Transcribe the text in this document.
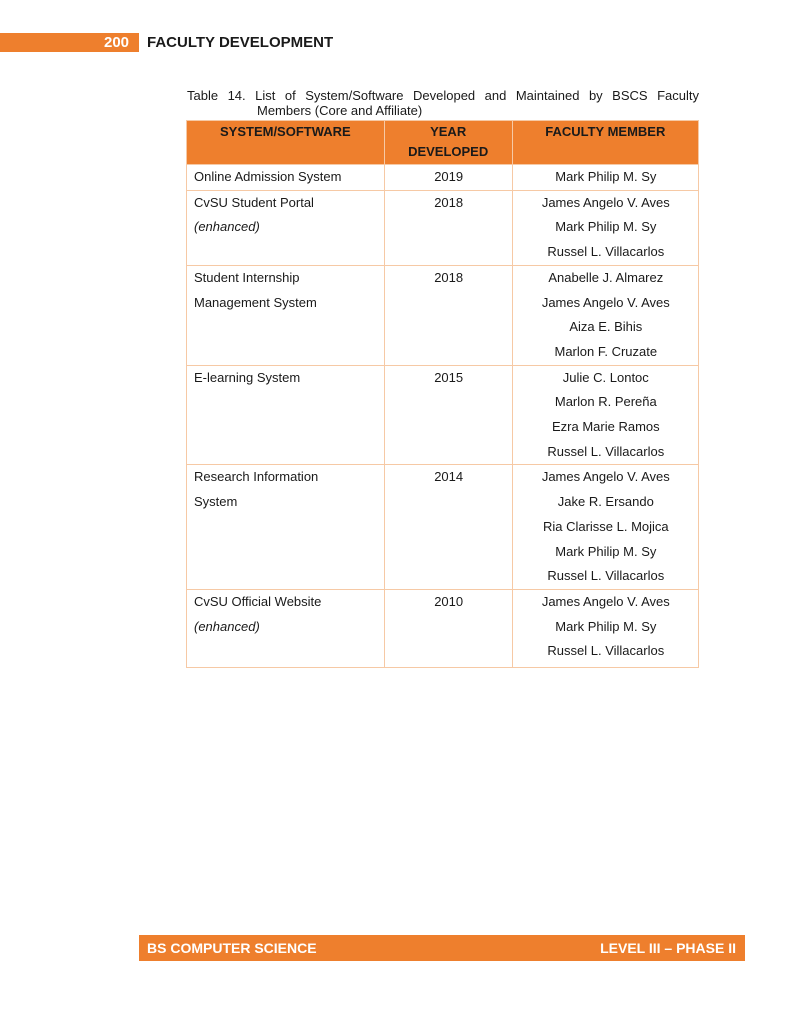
200 FACULTY DEVELOPMENT
Table 14. List of System/Software Developed and Maintained by BSCS Faculty
Members (Core and Affiliate)
SYSTEM/SOFTWARE	YEAR DEVELOPED	FACULTY MEMBER

Online Admission System	2019	Mark Philip M. Sy

CvSU Student Portal
(enhanced)	2018	James Angelo V. Aves
Mark Philip M. Sy
Russel L. Villacarlos

Student Internship
Management System	2018	Anabelle J. Almarez
James Angelo V. Aves
Aiza E. Bihis
Marlon F. Cruzate

E-learning System	2015	Julie C. Lontoc
Marlon R. Pereña
Ezra Marie Ramos
Russel L. Villacarlos

Research Information
System	2014	James Angelo V. Aves
Jake R. Ersando
Ria Clarisse L. Mojica
Mark Philip M. Sy
Russel L. Villacarlos

CvSU Official Website
(enhanced)	2010	James Angelo V. Aves
Mark Philip M. Sy
Russel L. Villacarlos
BS COMPUTER SCIENCE	LEVEL III – PHASE II
